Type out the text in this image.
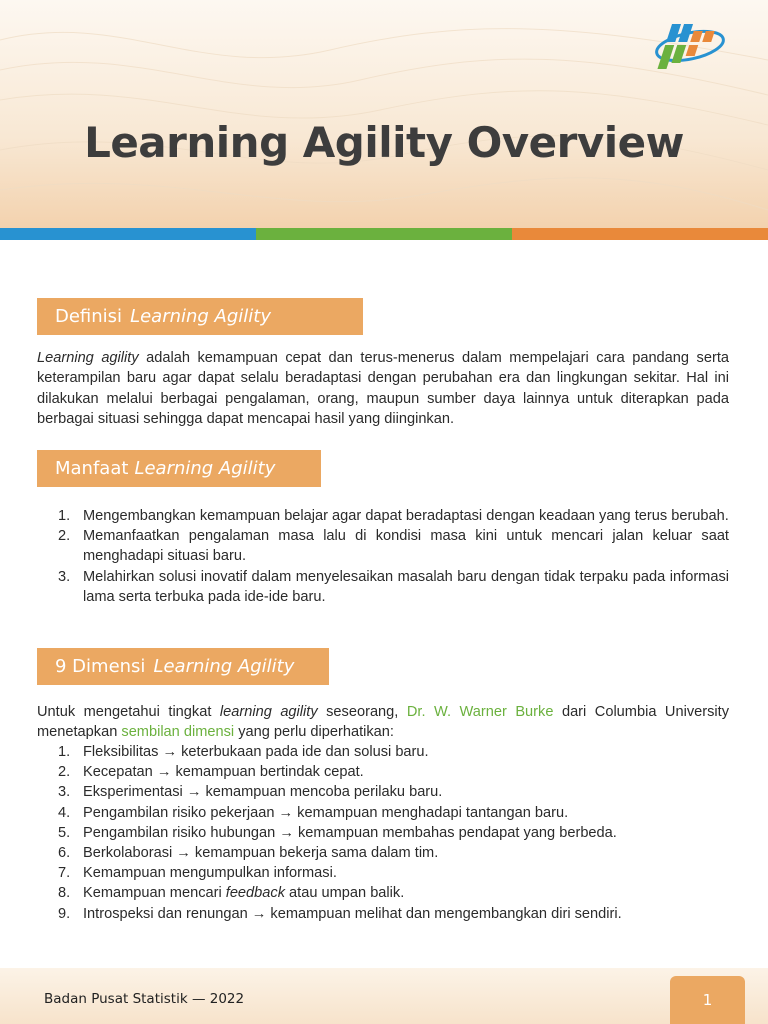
Learning Agility Overview
Definisi Learning Agility

Learning agility adalah kemampuan cepat dan terus-menerus dalam mempelajari cara pandang serta keterampilan baru agar dapat selalu beradaptasi dengan perubahan era dan lingkungan sekitar. Hal ini dilakukan melalui berbagai pengalaman, orang, maupun sumber daya lainnya untuk diterapkan pada berbagai situasi sehingga dapat mencapai hasil yang diinginkan.

Manfaat Learning Agility
1. Mengembangkan kemampuan belajar agar dapat beradaptasi dengan keadaan yang terus berubah.
2. Memanfaatkan pengalaman masa lalu di kondisi masa kini untuk mencari jalan keluar saat menghadapi situasi baru.
3. Melahirkan solusi inovatif dalam menyelesaikan masalah baru dengan tidak terpaku pada informasi lama serta terbuka pada ide-ide baru.
9 Dimensi Learning Agility

Untuk mengetahui tingkat learning agility seseorang, Dr. W. Warner Burke dari Columbia University menetapkan sembilan dimensi yang perlu diperhatikan:

1. Fleksibilitas → keterbukaan pada ide dan solusi baru.
2. Kecepatan → kemampuan bertindak cepat.
3. Eksperimentasi → kemampuan mencoba perilaku baru.
4. Pengambilan risiko pekerjaan → kemampuan menghadapi tantangan baru.
5. Pengambilan risiko hubungan → kemampuan membahas pendapat yang berbeda.
6. Berkolaborasi → kemampuan bekerja sama dalam tim.
7. Kemampuan mengumpulkan informasi.
8. Kemampuan mencari feedback atau umpan balik.
9. Introspeksi dan renungan → kemampuan melihat dan mengembangkan diri sendiri.
Badan Pusat Statistik — 2022	1
